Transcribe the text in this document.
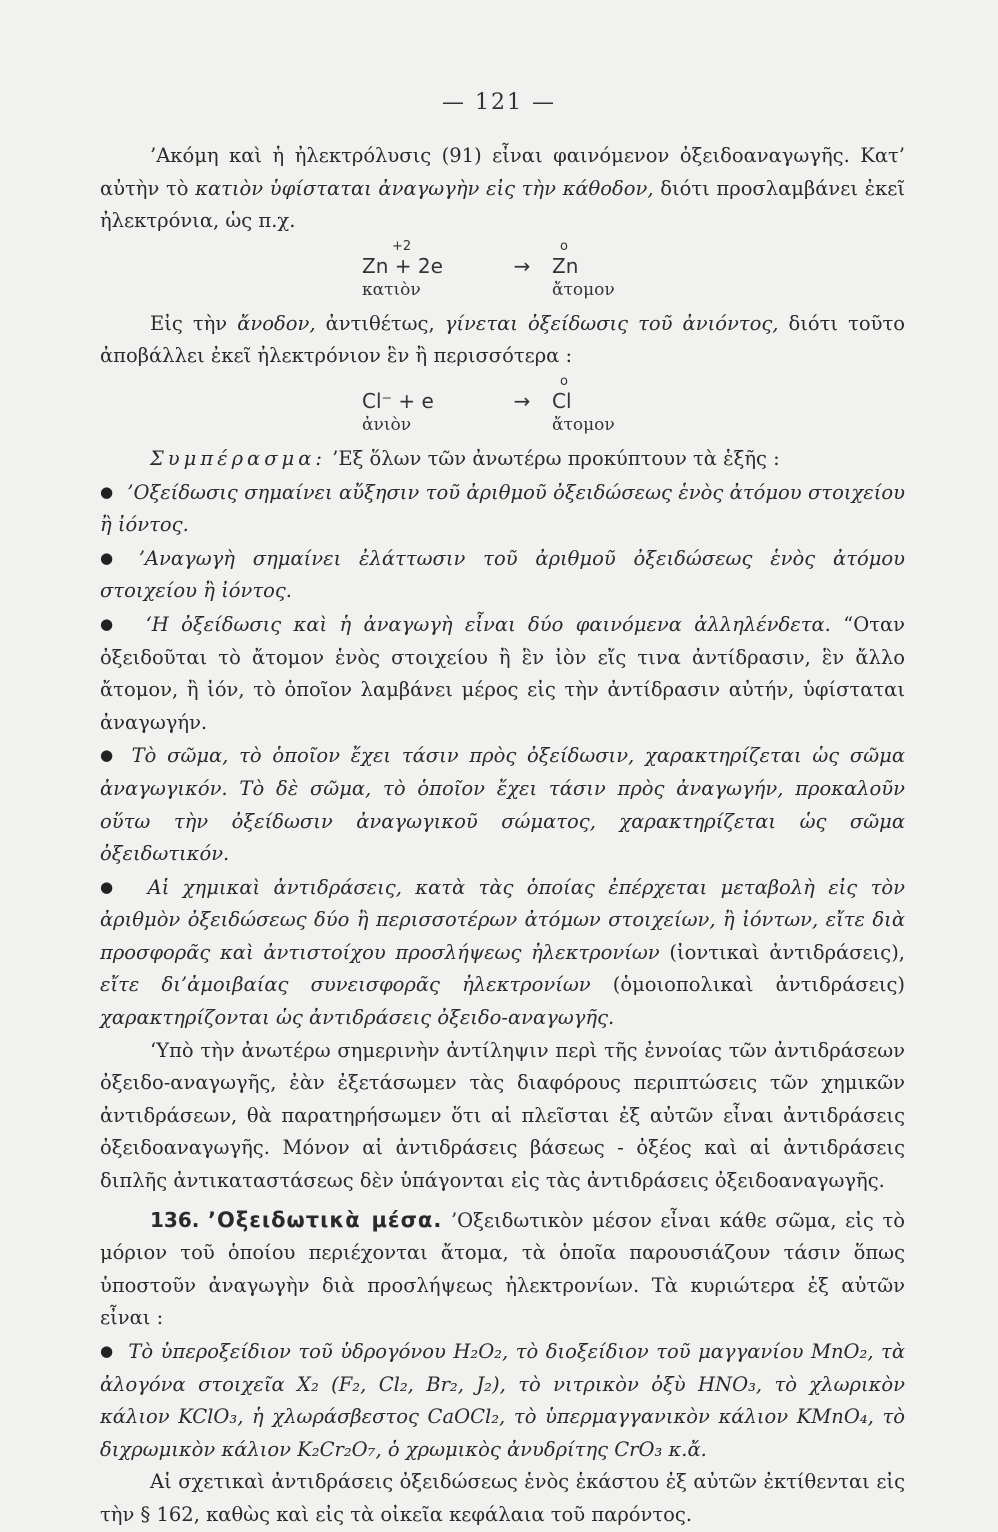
— 121 —

’Ακόμη καὶ ἡ ἠλεκτρόλυσις (91) εἶναι φαινόμενον ὀξειδοαναγωγῆς. Κατ’ αὐτὴν τὸ κατιὸν ὑφίσταται ἀναγωγὴν εἰς τὴν κάθοδον, διότι προσλαμβάνει ἐκεῖ ἠλεκτρόνια, ὡς π.χ.

+2	o
Zn + 2e	→	Zn
κατιὸν	ἄτομον

Εἰς τὴν ἄνοδον, ἀντιθέτως, γίνεται ὀξείδωσις τοῦ ἀνιόντος, διότι τοῦτο ἀποβάλλει ἐκεῖ ἠλεκτρόνιον ἓν ἢ περισσότερα :

o
Cl⁻ + e	→	Cl
ἀνιὸν	ἄτομον

Συμπέρασμα: ’Εξ ὅλων τῶν ἀνωτέρω προκύπτουν τὰ ἑξῆς :

● ’Οξείδωσις σημαίνει αὔξησιν τοῦ ἀριθμοῦ ὀξειδώσεως ἑνὸς ἀτόμου στοιχείου ἢ ἰόντος.

● ’Αναγωγὴ σημαίνει ἐλάττωσιν τοῦ ἀριθμοῦ ὀξειδώσεως ἑνὸς ἀτόμου στοιχείου ἢ ἰόντος.

● ‘Η ὀξείδωσις καὶ ἡ ἀναγωγὴ εἶναι δύο φαινόμενα ἀλληλένδετα. “Οταν ὀξειδοῦται τὸ ἄτομον ἑνὸς στοιχείου ἢ ἓν ἰὸν εἴς τινα ἀντίδρασιν, ἓν ἄλλο ἄτομον, ἢ ἰόν, τὸ ὁποῖον λαμβάνει μέρος εἰς τὴν ἀντίδρασιν αὐτήν, ὑφίσταται ἀναγωγήν.

● Τὸ σῶμα, τὸ ὁποῖον ἔχει τάσιν πρὸς ὀξείδωσιν, χαρακτηρίζεται ὡς σῶμα ἀναγωγικόν. Τὸ δὲ σῶμα, τὸ ὁποῖον ἔχει τάσιν πρὸς ἀναγωγήν, προκαλοῦν οὕτω τὴν ὀξείδωσιν ἀναγωγικοῦ σώματος, χαρακτηρίζεται ὡς σῶμα ὀξειδωτικόν.

● Αἱ χημικαὶ ἀντιδράσεις, κατὰ τὰς ὁποίας ἐπέρχεται μεταβολὴ εἰς τὸν ἀριθμὸν ὀξειδώσεως δύο ἢ περισσοτέρων ἀτόμων στοιχείων, ἢ ἰόντων, εἴτε διὰ προσφορᾶς καὶ ἀντιστοίχου προσλήψεως ἠλεκτρονίων (ἰοντικαὶ ἀντιδράσεις), εἴτε δι’ἀμοιβαίας συνεισφορᾶς ἠλεκτρονίων (ὁμοιοπολικαὶ ἀντιδράσεις) χαρακτηρίζονται ὡς ἀντιδράσεις ὀξειδο-αναγωγῆς.

‘Υπὸ τὴν ἀνωτέρω σημερινὴν ἀντίληψιν περὶ τῆς ἐννοίας τῶν ἀντιδράσεων ὀξειδο-αναγωγῆς, ἐὰν ἐξετάσωμεν τὰς διαφόρους περιπτώσεις τῶν χημικῶν ἀντιδράσεων, θὰ παρατηρήσωμεν ὅτι αἱ πλεῖσται ἐξ αὐτῶν εἶναι ἀντιδράσεις ὀξειδοαναγωγῆς. Μόνον αἱ ἀντιδράσεις βάσεως - ὀξέος καὶ αἱ ἀντιδράσεις διπλῆς ἀντικαταστάσεως δὲν ὑπάγονται εἰς τὰς ἀντιδράσεις ὀξειδοαναγωγῆς.

136. ’Οξειδωτικὰ μέσα. ’Οξειδωτικὸν μέσον εἶναι κάθε σῶμα, εἰς τὸ μόριον τοῦ ὁποίου περιέχονται ἄτομα, τὰ ὁποῖα παρουσιάζουν τάσιν ὅπως ὑποστοῦν ἀναγωγὴν διὰ προσλήψεως ἠλεκτρονίων. Τὰ κυριώτερα ἐξ αὐτῶν εἶναι :

● Τὸ ὑπεροξείδιον τοῦ ὑδρογόνου H₂O₂, τὸ διοξείδιον τοῦ μαγγανίου MnO₂, τὰ ἀλογόνα στοιχεῖα X₂ (F₂, Cl₂, Br₂, J₂), τὸ νιτρικὸν ὀξὺ HNO₃, τὸ χλωρικὸν κάλιον KClO₃, ἡ χλωράσβεστος CaOCl₂, τὸ ὑπερμαγγανικὸν κάλιον KMnO₄, τὸ διχρωμικὸν κάλιον K₂Cr₂O₇, ὁ χρωμικὸς ἀνυδρίτης CrO₃ κ.ἄ.

Αἱ σχετικαὶ ἀντιδράσεις ὀξειδώσεως ἑνὸς ἑκάστου ἐξ αὐτῶν ἐκτίθενται εἰς τὴν § 162, καθὼς καὶ εἰς τὰ οἰκεῖα κεφάλαια τοῦ παρόντος.
